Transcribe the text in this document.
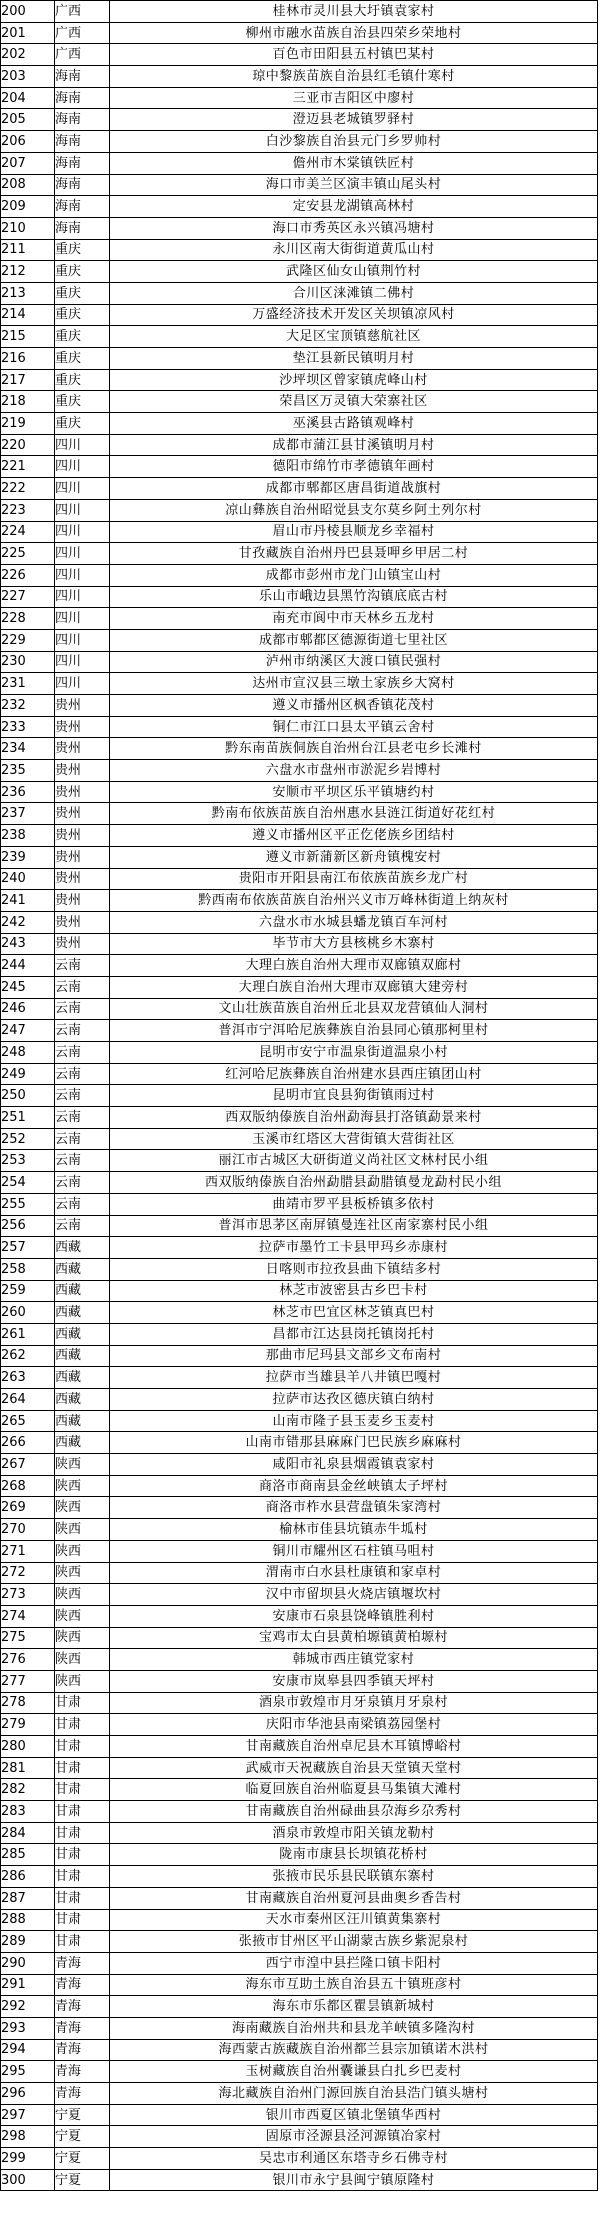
200	广西	桂林市灵川县大圩镇袁家村
201	广西	柳州市融水苗族自治县四荣乡荣地村
202	广西	百色市田阳县五村镇巴某村
203	海南	琼中黎族苗族自治县红毛镇什寒村
204	海南	三亚市吉阳区中廖村
205	海南	澄迈县老城镇罗驿村
206	海南	白沙黎族自治县元门乡罗帅村
207	海南	儋州市木棠镇铁匠村
208	海南	海口市美兰区演丰镇山尾头村
209	海南	定安县龙湖镇高林村
210	海南	海口市秀英区永兴镇冯塘村
211	重庆	永川区南大街街道黄瓜山村
212	重庆	武隆区仙女山镇荆竹村
213	重庆	合川区涞滩镇二佛村
214	重庆	万盛经济技术开发区关坝镇凉风村
215	重庆	大足区宝顶镇慈航社区
216	重庆	垫江县新民镇明月村
217	重庆	沙坪坝区曾家镇虎峰山村
218	重庆	荣昌区万灵镇大荣寨社区
219	重庆	巫溪县古路镇观峰村
220	四川	成都市蒲江县甘溪镇明月村
221	四川	德阳市绵竹市孝德镇年画村
222	四川	成都市郫都区唐昌街道战旗村
223	四川	凉山彝族自治州昭觉县支尔莫乡阿土列尔村
224	四川	眉山市丹棱县顺龙乡幸福村
225	四川	甘孜藏族自治州丹巴县聂呷乡甲居二村
226	四川	成都市彭州市龙门山镇宝山村
227	四川	乐山市峨边县黑竹沟镇底底古村
228	四川	南充市阆中市天林乡五龙村
229	四川	成都市郫都区德源街道七里社区
230	四川	泸州市纳溪区大渡口镇民强村
231	四川	达州市宣汉县三墩土家族乡大窝村
232	贵州	遵义市播州区枫香镇花茂村
233	贵州	铜仁市江口县太平镇云舍村
234	贵州	黔东南苗族侗族自治州台江县老屯乡长滩村
235	贵州	六盘水市盘州市淤泥乡岩博村
236	贵州	安顺市平坝区乐平镇塘约村
237	贵州	黔南布依族苗族自治州惠水县涟江街道好花红村
238	贵州	遵义市播州区平正仡佬族乡团结村
239	贵州	遵义市新蒲新区新舟镇槐安村
240	贵州	贵阳市开阳县南江布依族苗族乡龙广村
241	贵州	黔西南布依族苗族自治州兴义市万峰林街道上纳灰村
242	贵州	六盘水市水城县蟠龙镇百车河村
243	贵州	毕节市大方县核桃乡木寨村
244	云南	大理白族自治州大理市双廊镇双廊村
245	云南	大理白族自治州大理市双廊镇大建旁村
246	云南	文山壮族苗族自治州丘北县双龙营镇仙人洞村
247	云南	普洱市宁洱哈尼族彝族自治县同心镇那柯里村
248	云南	昆明市安宁市温泉街道温泉小村
249	云南	红河哈尼族彝族自治州建水县西庄镇团山村
250	云南	昆明市宜良县狗街镇雨过村
251	云南	西双版纳傣族自治州勐海县打洛镇勐景来村
252	云南	玉溪市红塔区大营街镇大营街社区
253	云南	丽江市古城区大研街道义尚社区文林村民小组
254	云南	西双版纳傣族自治州勐腊县勐腊镇曼龙勐村民小组
255	云南	曲靖市罗平县板桥镇多依村
256	云南	普洱市思茅区南屏镇曼连社区南家寨村民小组
257	西藏	拉萨市墨竹工卡县甲玛乡赤康村
258	西藏	日喀则市拉孜县曲下镇结多村
259	西藏	林芝市波密县古乡巴卡村
260	西藏	林芝市巴宜区林芝镇真巴村
261	西藏	昌都市江达县岗托镇岗托村
262	西藏	那曲市尼玛县文部乡文布南村
263	西藏	拉萨市当雄县羊八井镇巴嘎村
264	西藏	拉萨市达孜区德庆镇白纳村
265	西藏	山南市隆子县玉麦乡玉麦村
266	西藏	山南市错那县麻麻门巴民族乡麻麻村
267	陕西	咸阳市礼泉县烟霞镇袁家村
268	陕西	商洛市商南县金丝峡镇太子坪村
269	陕西	商洛市柞水县营盘镇朱家湾村
270	陕西	榆林市佳县坑镇赤牛坬村
271	陕西	铜川市耀州区石柱镇马咀村
272	陕西	渭南市白水县杜康镇和家卓村
273	陕西	汉中市留坝县火烧店镇堰坎村
274	陕西	安康市石泉县饶峰镇胜利村
275	陕西	宝鸡市太白县黄柏塬镇黄柏塬村
276	陕西	韩城市西庄镇党家村
277	陕西	安康市岚皋县四季镇天坪村
278	甘肃	酒泉市敦煌市月牙泉镇月牙泉村
279	甘肃	庆阳市华池县南梁镇荔园堡村
280	甘肃	甘南藏族自治州卓尼县木耳镇博峪村
281	甘肃	武威市天祝藏族自治县天堂镇天堂村
282	甘肃	临夏回族自治州临夏县马集镇大滩村
283	甘肃	甘南藏族自治州碌曲县尕海乡尕秀村
284	甘肃	酒泉市敦煌市阳关镇龙勒村
285	甘肃	陇南市康县长坝镇花桥村
286	甘肃	张掖市民乐县民联镇东寨村
287	甘肃	甘南藏族自治州夏河县曲奥乡香告村
288	甘肃	天水市秦州区汪川镇黄集寨村
289	甘肃	张掖市甘州区平山湖蒙古族乡紫泥泉村
290	青海	西宁市湟中县拦隆口镇卡阳村
291	青海	海东市互助土族自治县五十镇班彦村
292	青海	海东市乐都区瞿昙镇新城村
293	青海	海南藏族自治州共和县龙羊峡镇多隆沟村
294	青海	海西蒙古族藏族自治州都兰县宗加镇诺木洪村
295	青海	玉树藏族自治州囊谦县白扎乡巴麦村
296	青海	海北藏族自治州门源回族自治县浩门镇头塘村
297	宁夏	银川市西夏区镇北堡镇华西村
298	宁夏	固原市泾源县泾河源镇冶家村
299	宁夏	吴忠市利通区东塔寺乡石佛寺村
300	宁夏	银川市永宁县闽宁镇原隆村
